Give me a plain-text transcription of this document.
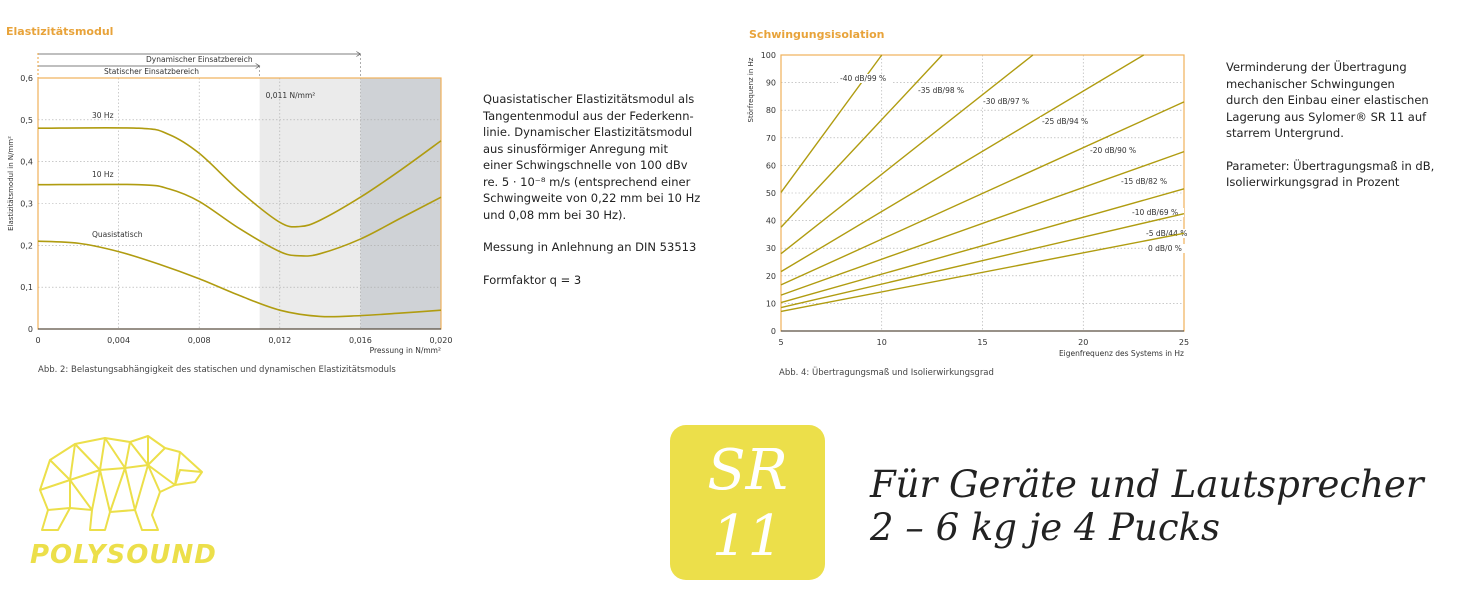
Elastizitätsmodul
0
0,1
0,2
0,3
0,4
0,5
0,6
0	0,004	0,008	0,012	0,016	0,020
Dynamischer Einsatzbereich
Statischer Einsatzbereich
0,011 N/mm²
Elastizitätsmodul in N/mm²
Pressung in N/mm²
30 Hz
10 Hz
Quasistatisch
Abb. 2: Belastungsabhängigkeit des statischen und dynamischen Elastizitätsmoduls

Quasistatischer Elastizitätsmodul als
Tangentenmodul aus der Federkenn-
linie. Dynamischer Elastizitätsmodul
aus sinusförmiger Anregung mit
einer Schwingschnelle von 100 dBv
re. 5 · 10⁻⁸ m/s (entsprechend einer
Schwingweite von 0,22 mm bei 10 Hz
und 0,08 mm bei 30 Hz).

Messung in Anlehnung an DIN 53513

Formfaktor q = 3

Schwingungsisolation
0
10
20
30
40
50
60
70
80
90
100
5	10	15	20	25
Störfrequenz in Hz
Eigenfrequenz des Systems in Hz
-40 dB/99 %
-35 dB/98 %
-30 dB/97 %
-25 dB/94 %
-20 dB/90 %
-15 dB/82 %
-10 dB/69 %
-5 dB/44 %
0 dB/0 %
Abb. 4: Übertragungsmaß und Isolierwirkungsgrad

Verminderung der Übertragung
mechanischer Schwingungen
durch den Einbau einer elastischen
Lagerung aus Sylomer® SR 11 auf
starrem Untergrund.

Parameter: Übertragungsmaß in dB,
Isolierwirkungsgrad in Prozent

POLYSOUND
SR
11
Für Geräte und Lautsprecher
2 – 6 kg je 4 Pucks
